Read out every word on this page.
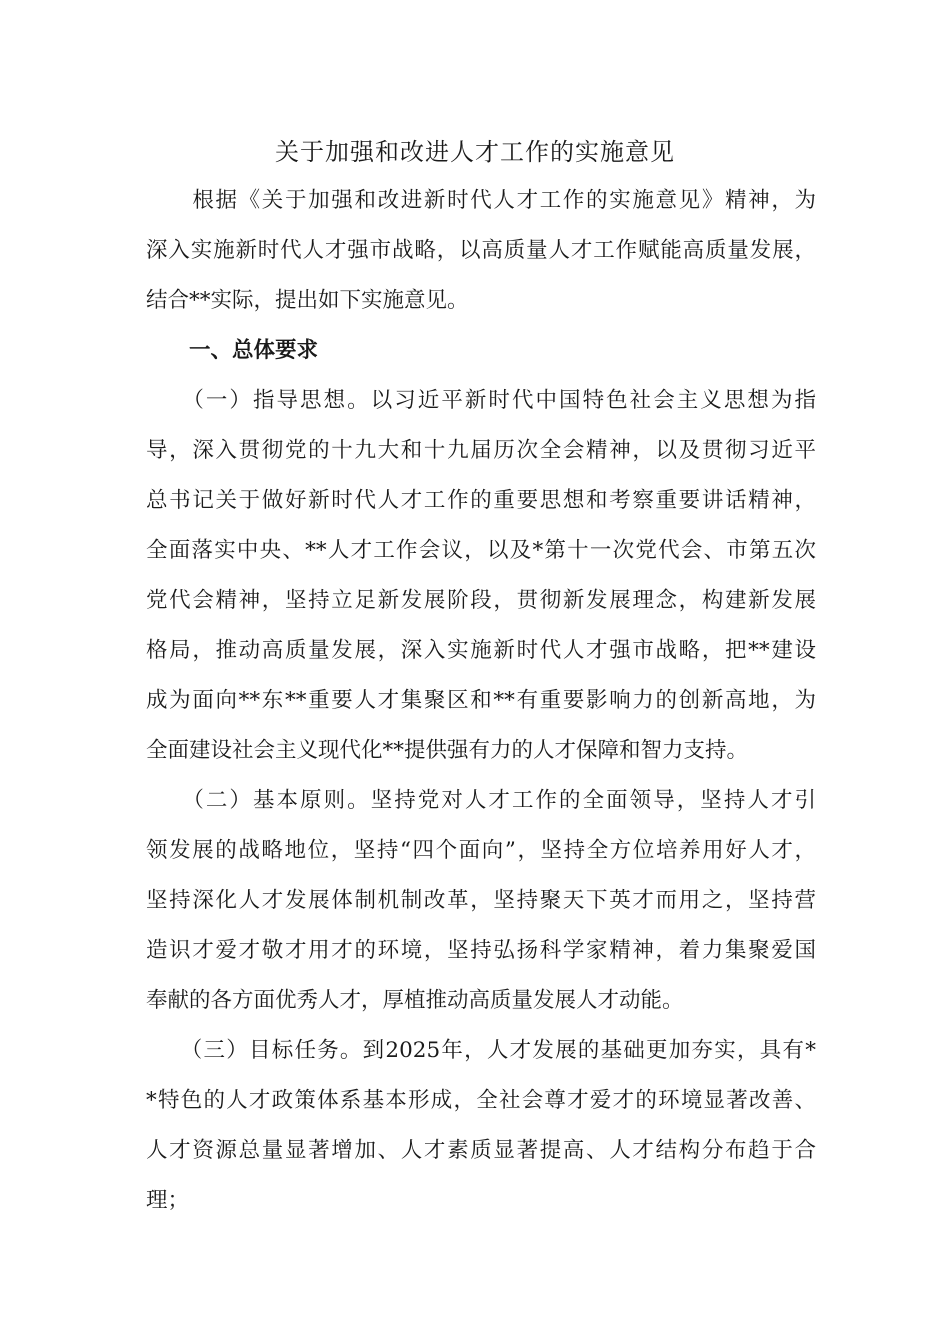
关于加强和改进人才工作的实施意见
　　根据《关于加强和改进新时代人才工作的实施意见》精神，为
深入实施新时代人才强市战略，以高质量人才工作赋能高质量发展，
结合**实际，提出如下实施意见。
　　一、总体要求
　　（一）指导思想。以习近平新时代中国特色社会主义思想为指
导，深入贯彻党的十九大和十九届历次全会精神，以及贯彻习近平
总书记关于做好新时代人才工作的重要思想和考察重要讲话精神，
全面落实中央、**人才工作会议，以及*第十一次党代会、市第五次
党代会精神，坚持立足新发展阶段，贯彻新发展理念，构建新发展
格局，推动高质量发展，深入实施新时代人才强市战略，把**建设
成为面向**东**重要人才集聚区和**有重要影响力的创新高地，为
全面建设社会主义现代化**提供强有力的人才保障和智力支持。
　　（二）基本原则。坚持党对人才工作的全面领导，坚持人才引
领发展的战略地位，坚持“四个面向”，坚持全方位培养用好人才，
坚持深化人才发展体制机制改革，坚持聚天下英才而用之，坚持营
造识才爱才敬才用才的环境，坚持弘扬科学家精神，着力集聚爱国
奉献的各方面优秀人才，厚植推动高质量发展人才动能。
　　（三）目标任务。到2025年，人才发展的基础更加夯实，具有*
*特色的人才政策体系基本形成，全社会尊才爱才的环境显著改善、
人才资源总量显著增加、人才素质显著提高、人才结构分布趋于合
理；
